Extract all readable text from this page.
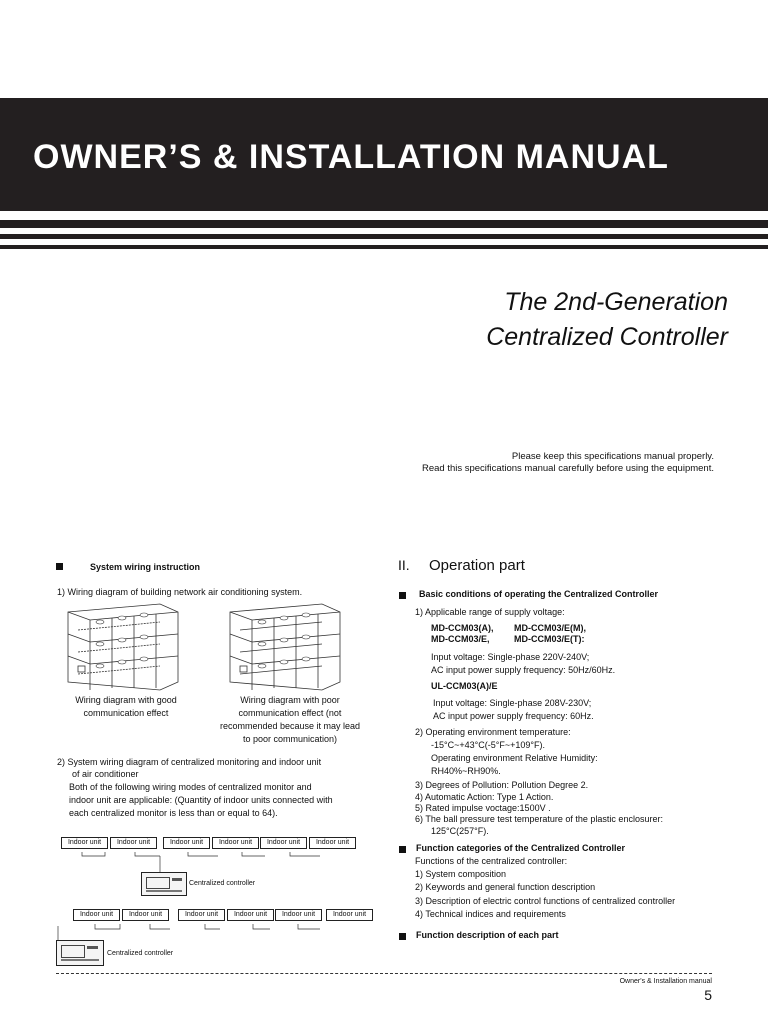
OWNER’S & INSTALLATION MANUAL
The 2nd-Generation
Centralized Controller
Please keep this specifications manual properly.
Read this specifications manual carefully before using the equipment.
System wiring instruction
1) Wiring diagram of building network air conditioning system.
Wiring diagram with good
communication effect
Wiring diagram with poor
communication effect (not
recommended because it may lead
to poor communication)
2) System wiring diagram of centralized monitoring and indoor unit
of air conditioner
Both of the following wiring modes of centralized monitor and
indoor unit are applicable: (Quantity of indoor units connected with
each centralized monitor is less than or equal to 64).
Indoor unit	Indoor unit	Indoor unit	Indoor unit	Indoor unit	Indoor unit
Centralized controller
Indoor unit	Indoor unit	Indoor unit	Indoor unit	Indoor unit	Indoor unit
Centralized controller
II. Operation part
Basic conditions of operating the Centralized Controller
1) Applicable range of supply voltage:
MD-CCM03(A), MD-CCM03/E(M),
MD-CCM03/E,	MD-CCM03/E(T):
Input voltage: Single-phase 220V-240V;
AC input power supply frequency: 50Hz/60Hz.
UL-CCM03(A)/E
Input voltage: Single-phase 208V-230V;
AC input power supply frequency: 60Hz.
2) Operating environment temperature:
-15°C~+43°C(-5°F~+109°F).
Operating environment Relative Humidity:
RH40%~RH90%.
3) Degrees of Pollution: Pollution Degree 2.
4) Automatic Action: Type 1 Action.
5) Rated impulse voctage:1500V .
6) The ball pressure test temperature of the plastic enclosurer:
125°C(257°F).
Function categories of the Centralized Controller
Functions of the centralized controller:
1) System composition
2) Keywords and general function description
3) Description of electric control functions of centralized controller
4) Technical indices and requirements
Function description of each part
Owner's & Installation manual
5
